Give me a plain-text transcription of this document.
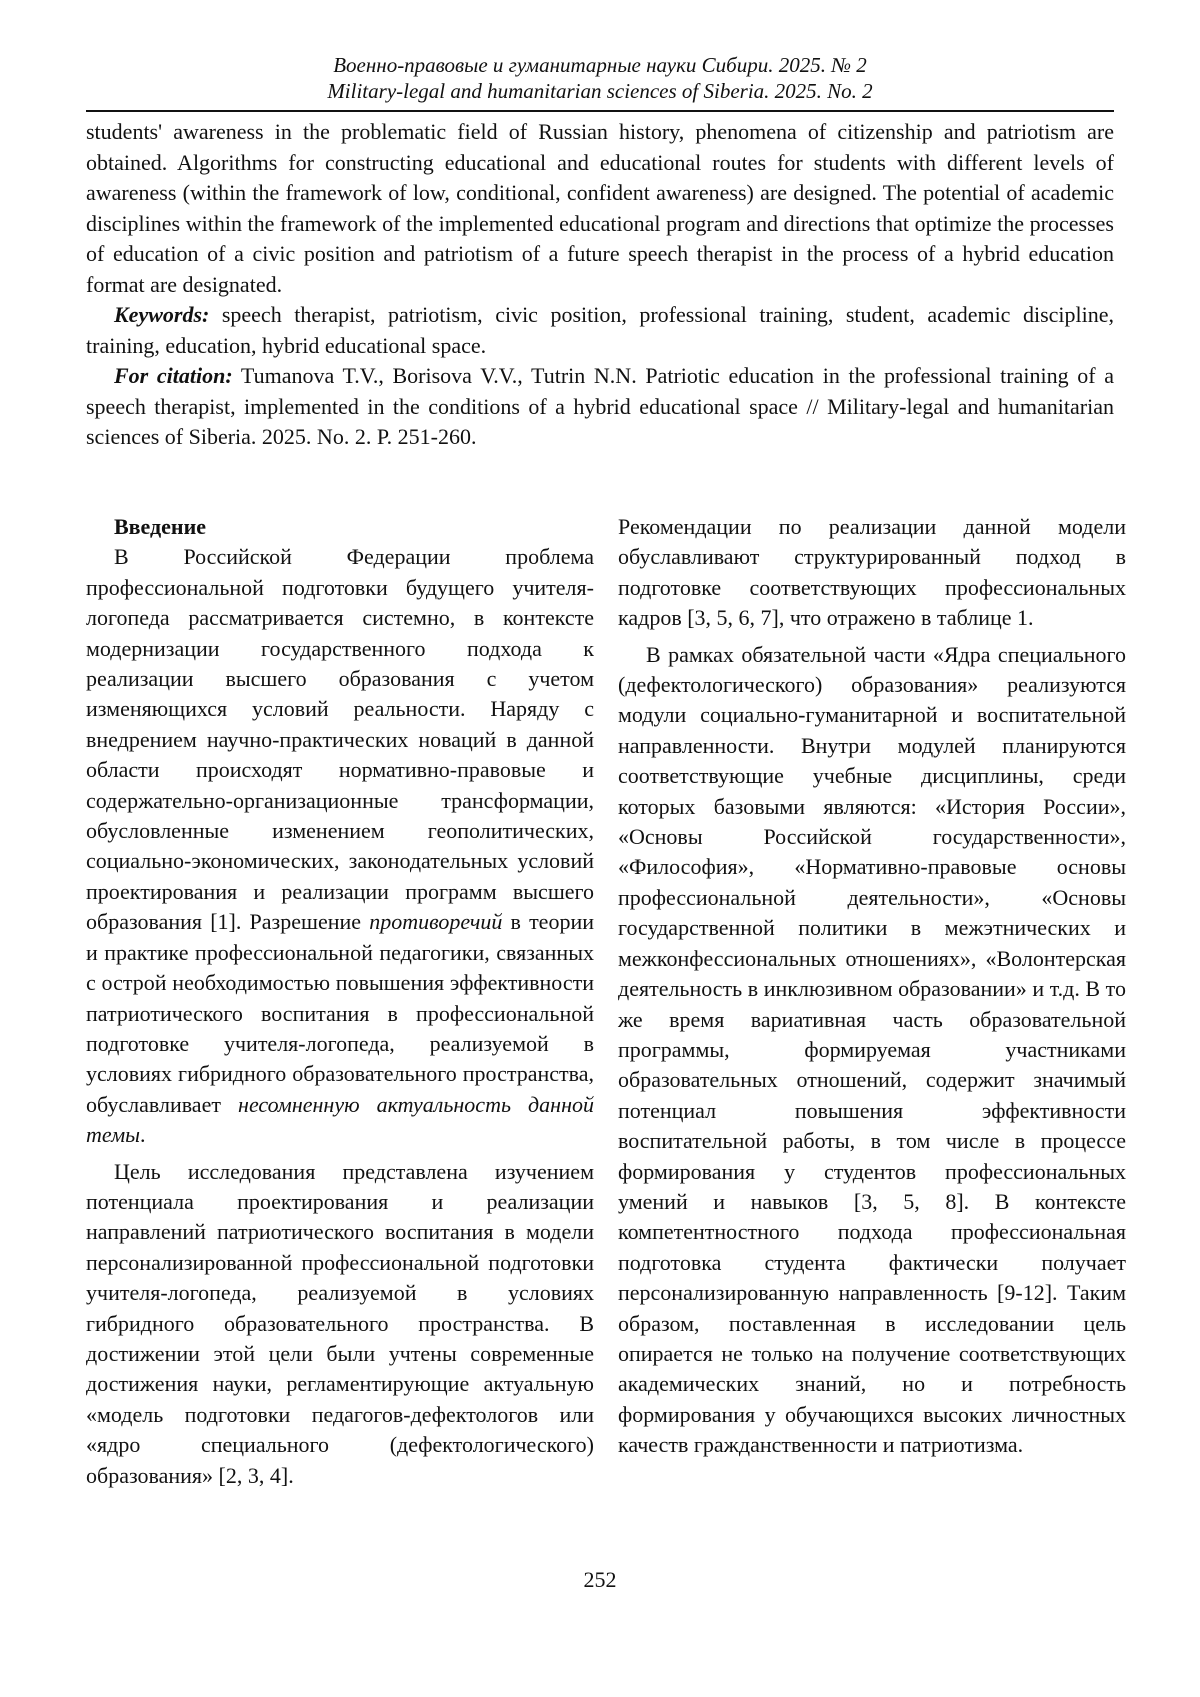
Военно-правовые и гуманитарные науки Сибири. 2025. № 2
Military-legal and humanitarian sciences of Siberia. 2025. No. 2

students' awareness in the problematic field of Russian history, phenomena of citizenship and patriotism are obtained. Algorithms for constructing educational and educational routes for students with different levels of awareness (within the framework of low, conditional, confident awareness) are designed. The potential of academic disciplines within the framework of the implemented educational program and directions that optimize the processes of education of a civic position and patriotism of a future speech therapist in the process of a hybrid education format are designated.

Keywords: speech therapist, patriotism, civic position, professional training, student, academic discipline, training, education, hybrid educational space.

For citation: Tumanova T.V., Borisova V.V., Tutrin N.N. Patriotic education in the professional training of a speech therapist, implemented in the conditions of a hybrid educational space // Military-legal and humanitarian sciences of Siberia. 2025. No. 2. P. 251-260.

Введение

В Российской Федерации проблема профессиональной подготовки будущего учителя-логопеда рассматривается системно, в контексте модернизации государственного подхода к реализации высшего образования с учетом изменяющихся условий реальности. Наряду с внедрением научно-практических новаций в данной области происходят нормативно-правовые и содержательно-организационные трансформации, обусловленные изменением геополитических, социально-экономических, законодательных условий проектирования и реализации программ высшего образования [1]. Разрешение противоречий в теории и практике профессиональной педагогики, связанных с острой необходимостью повышения эффективности патриотического воспитания в профессиональной подготовке учителя-логопеда, реализуемой в условиях гибридного образовательного пространства, обуславливает несомненную актуальность данной темы.

Цель исследования представлена изучением потенциала проектирования и реализации направлений патриотического воспитания в модели персонализированной профессиональной подготовки учителя-логопеда, реализуемой в условиях гибридного образовательного пространства. В достижении этой цели были учтены современные достижения науки, регламентирующие актуальную «модель подготовки педагогов-дефектологов или «ядро специального (дефектологического) образования» [2, 3, 4].

Рекомендации по реализации данной модели обуславливают структурированный подход в подготовке соответствующих профессиональных кадров [3, 5, 6, 7], что отражено в таблице 1.

В рамках обязательной части «Ядра специального (дефектологического) образования» реализуются модули социально-гуманитарной и воспитательной направленности. Внутри модулей планируются соответствующие учебные дисциплины, среди которых базовыми являются: «История России», «Основы Российской государственности», «Философия», «Нормативно-правовые основы профессиональной деятельности», «Основы государственной политики в межэтнических и межконфессиональных отношениях», «Волонтерская деятельность в инклюзивном образовании» и т.д. В то же время вариативная часть образовательной программы, формируемая участниками образовательных отношений, содержит значимый потенциал повышения эффективности воспитательной работы, в том числе в процессе формирования у студентов профессиональных умений и навыков [3, 5, 8]. В контексте компетентностного подхода профессиональная подготовка студента фактически получает персонализированную направленность [9-12]. Таким образом, поставленная в исследовании цель опирается не только на получение соответствующих академических знаний, но и потребность формирования у обучающихся высоких личностных качеств гражданственности и патриотизма.

252
